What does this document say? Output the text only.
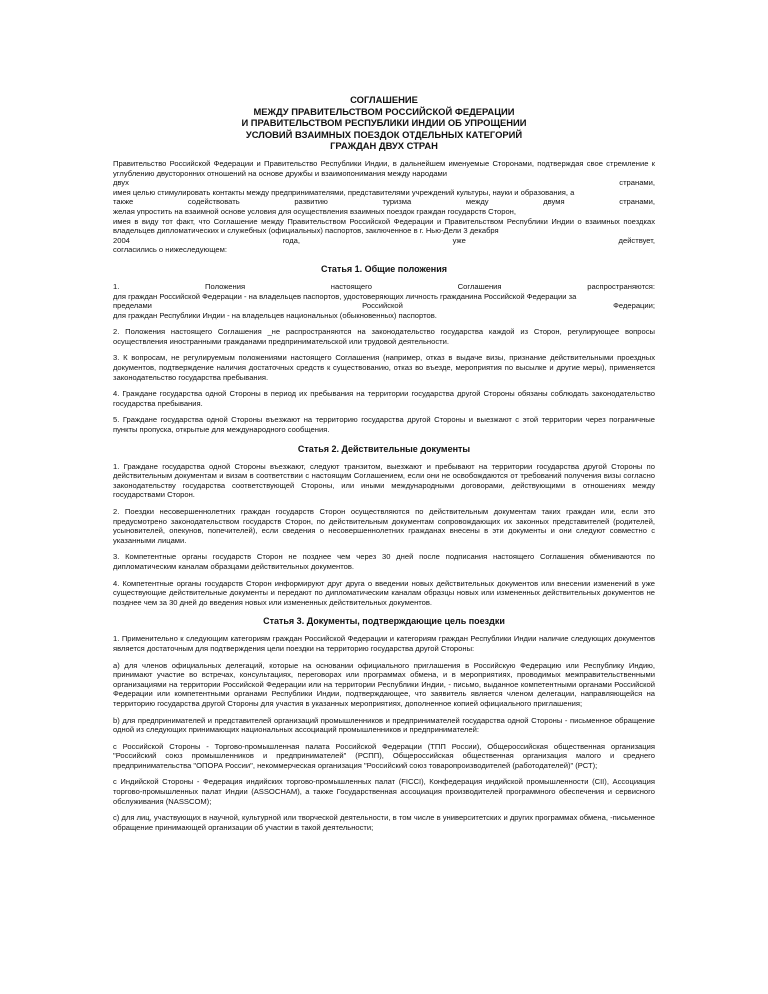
СОГЛАШЕНИЕ
МЕЖДУ ПРАВИТЕЛЬСТВОМ РОССИЙСКОЙ ФЕДЕРАЦИИ
И ПРАВИТЕЛЬСТВОМ РЕСПУБЛИКИ ИНДИИ ОБ УПРОЩЕНИИ
УСЛОВИЙ ВЗАИМНЫХ ПОЕЗДОК ОТДЕЛЬНЫХ КАТЕГОРИЙ
ГРАЖДАН ДВУХ СТРАН

Правительство Российской Федерации и Правительство Республики Индии, в дальнейшем именуемые Сторонами, подтверждая свое стремление к углублению двусторонних отношений на основе дружбы и взаимопонимания между народами

двух странами,

имея целью стимулировать контакты между предпринимателями, представителями учреждений культуры, науки и образования, а

также содействовать развитию туризма между двумя странами,

желая упростить на взаимной основе условия для осуществления взаимных поездок граждан государств Сторон,

имея в виду тот факт, что Соглашение между Правительством Российской Федерации и Правительством Республики Индии о взаимных поездках владельцев дипломатических и служебных (официальных) паспортов, заключенное в г. Нью-Дели 3 декабря

2004 года, уже действует,

согласились о нижеследующем:

Статья 1. Общие положения

1. Положения настоящего Соглашения распространяются:

для граждан Российской Федерации - на владельцев паспортов, удостоверяющих личность гражданина Российской Федерации за

пределами Российской Федерации;

для граждан Республики Индии - на владельцев национальных (обыкновенных) паспортов.

2. Положения настоящего Соглашения _не распространяются на законодательство государства каждой из Сторон, регулирующее вопросы осуществления иностранными гражданами предпринимательской или трудовой деятельности.

3. К вопросам, не регулируемым положениями настоящего Соглашения (например, отказ в выдаче визы, признание действительными проездных документов, подтверждение наличия достаточных средств к существованию, отказ во въезде, мероприятия по высылке и другие меры), применяется законодательство государства пребывания.

4. Граждане государства одной Стороны в период их пребывания на территории государства другой Стороны обязаны соблюдать законодательство государства пребывания.

5. Граждане государства одной Стороны въезжают на территорию государства другой Стороны и выезжают с этой территории через пограничные пункты пропуска, открытые для международного сообщения.

Статья 2. Действительные документы

1. Граждане государства одной Стороны въезжают, следуют транзитом, выезжают и пребывают на территории государства другой Стороны по действительным документам и визам в соответствии с настоящим Соглашением, если они не освобождаются от требований получения визы согласно законодательству государства соответствующей Стороны, или иными международными договорами, действующими в отношениях между государствами Сторон.

2. Поездки несовершеннолетних граждан государств Сторон осуществляются по действительным документам таких граждан или, если это предусмотрено законодательством государств Сторон, по действительным документам сопровождающих их законных представителей (родителей, усыновителей, опекунов, попечителей), если сведения о несовершеннолетних гражданах внесены в эти документы и они следуют совместно с указанными лицами.

3. Компетентные органы государств Сторон не позднее чем через 30 дней после подписания настоящего Соглашения обмениваются по дипломатическим каналам образцами действительных документов.

4. Компетентные органы государств Сторон информируют друг друга о введении новых действительных документов или внесении изменений в уже существующие действительные документы и передают по дипломатическим каналам образцы новых или измененных действительных документов не позднее чем за 30 дней до введения новых или измененных действительных документов.

Статья 3. Документы, подтверждающие цель поездки

1. Применительно к следующим категориям граждан Российской Федерации и категориям граждан Республики Индии наличие следующих документов является достаточным для подтверждения цели поездки на территорию государства другой Стороны:

а) для членов официальных делегаций, которые на основании официального приглашения в Российскую Федерацию или Республику Индию, принимают участие во встречах, консультациях, переговорах или программах обмена, и в мероприятиях, проводимых межправительственными организациями на территории Российской Федерации или на территории Республики Индии, - письмо, выданное компетентными органами Российской Федерации или компетентными органами Республики Индии, подтверждающее, что заявитель является членом делегации, направляющейся на территорию государства другой Стороны для участия в указанных мероприятиях, дополненное копией официального приглашения;

b) для предпринимателей и представителей организаций промышленников и предпринимателей государства одной Стороны - письменное обращение одной из следующих принимающих национальных ассоциаций промышленников и предпринимателей:

с Российской Стороны - Торгово-промышленная палата Российской Федерации (ТПП России), Общероссийская общественная организация "Российский союз промышленников и предпринимателей" (РСПП), Общероссийская общественная организация малого и среднего предпринимательства "ОПОРА России", некоммерческая организация "Российский союз товаропроизводителей (работодателей)" (РСТ);

с Индийской Стороны - Федерация индийских торгово-промышленных палат (FICCI), Конфедерация индийской промышленности (CII), Ассоциация торгово-промышленных палат Индии (ASSOCHAM), а также Государственная ассоциация производителей программного обеспечения и сервисного обслуживания (NASSCOM);

c) для лиц, участвующих в научной, культурной или творческой деятельности, в том числе в университетских и других программах обмена, -письменное обращение принимающей организации об участии в такой деятельности;
